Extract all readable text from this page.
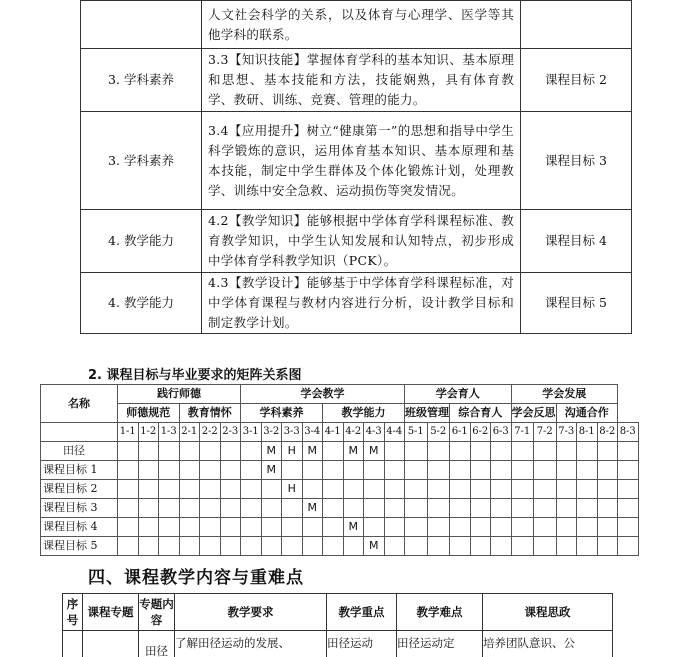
	人文社会科学的关系，以及体育与心理学、医学等其他学科的联系。	
3. 学科素养	3.3【知识技能】掌握体育学科的基本知识、基本原理和思想、基本技能和方法，技能娴熟，具有体育教学、教研、训练、竞赛、管理的能力。	课程目标 2
3. 学科素养	3.4【应用提升】树立“健康第一”的思想和指导中学生科学锻炼的意识，运用体育基本知识、基本原理和基本技能，制定中学生群体及个体化锻炼计划，处理教学、训练中安全急救、运动损伤等突发情况。	课程目标 3
4. 教学能力	4.2【教学知识】能够根据中学体育学科课程标准、教育教学知识，中学生认知发展和认知特点，初步形成中学体育学科教学知识（PCK）。	课程目标 4
4. 教学能力	4.3【教学设计】能够基于中学体育学科课程标准，对中学体育课程与教材内容进行分析，设计教学目标和制定教学计划。	课程目标 5
2. 课程目标与毕业要求的矩阵关系图
名称	践行师德						学会教学								学会育人					学会发展					
	师德规范			教育情怀			学科素养				教学能力				班级管理		综合育人			学会反思		沟通合作			
	1-1	1-2	1-3	2-1	2-2	2-3	3-1	3-2	3-3	3-4	4-1	4-2	4-3	4-4	5-1	5-2	6-1	6-2	6-3	7-1	7-2	7-3	8-1	8-2	8-3
田径								M	H	M		M	M												
课程目标 1								M																	
课程目标 2									H																
课程目标 3										M															
课程目标 4												M													
课程目标 5													M												
四、课程教学内容与重难点
序号	课程专题	专题内容	教学要求	教学重点	教学难点	课程思政
		田径	了解田径运动的发展、	田径运动	田径运动定	培养团队意识、公
